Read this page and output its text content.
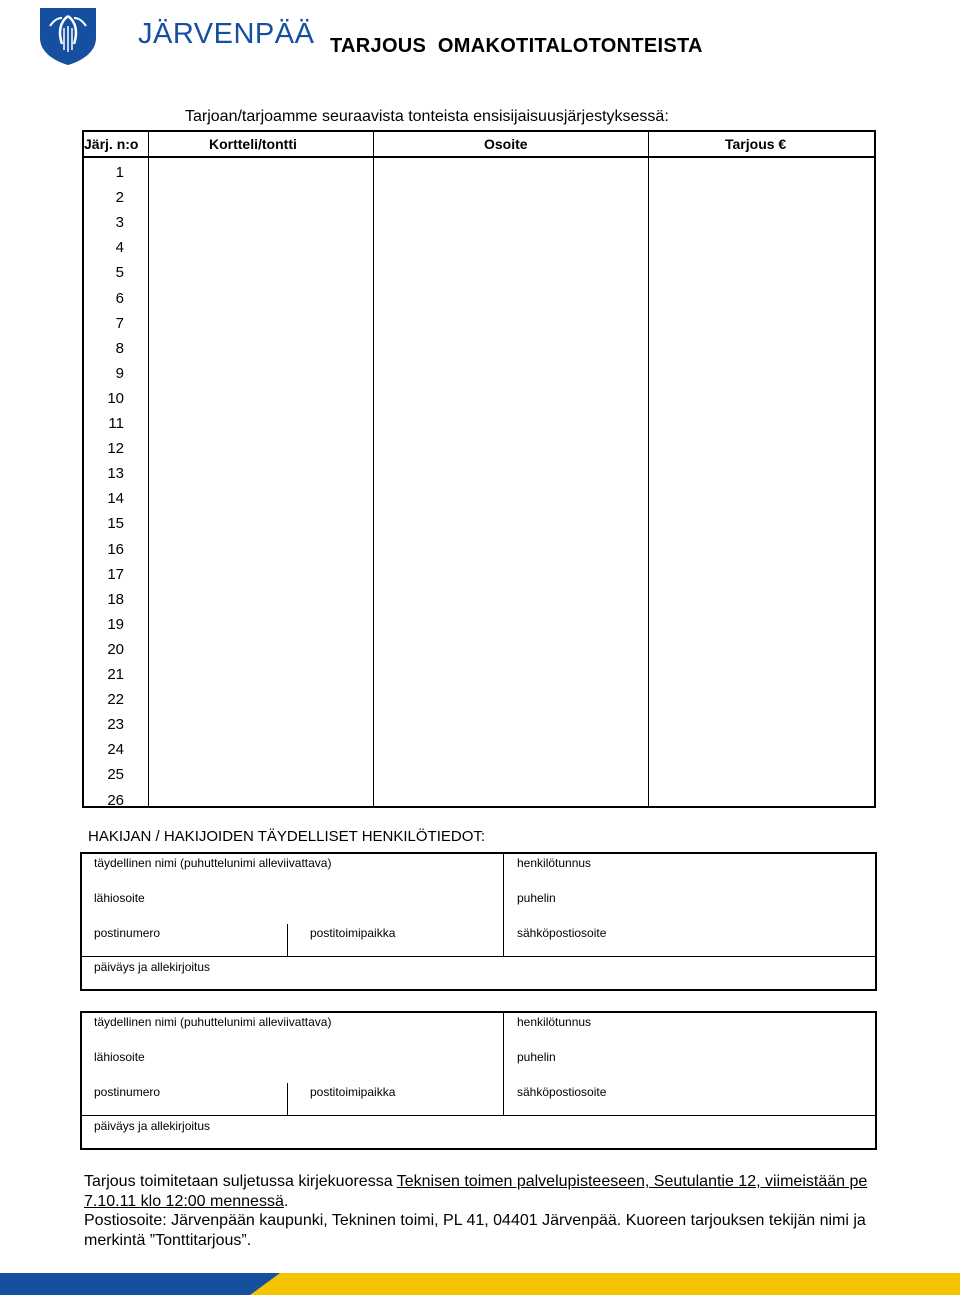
JÄRVENPÄÄ TARJOUS  OMAKOTITALOTONTEISTA
Tarjoan/tarjoamme seuraavista tonteista ensisijaisuusjärjestyksessä:
Järj. n:o	Kortteli/tontti	Osoite	Tarjous €
1
2
3
4
5
6
7
8
9
10
11
12
13
14
15
16
17
18
19
20
21
22
23
24
25
26
HAKIJAN / HAKIJOIDEN TÄYDELLISET HENKILÖTIEDOT:
täydellinen nimi (puhuttelunimi alleviivattava)	henkilötunnus
lähiosoite	puhelin
postinumero	postitoimipaikka	sähköpostiosoite
päiväys ja allekirjoitus
täydellinen nimi (puhuttelunimi alleviivattava)	henkilötunnus
lähiosoite	puhelin
postinumero	postitoimipaikka	sähköpostiosoite
päiväys ja allekirjoitus
Tarjous toimitetaan suljetussa kirjekuoressa Teknisen toimen palvelupisteeseen, Seutulantie 12, viimeistään pe 7.10.11 klo 12:00 mennessä.
Postiosoite: Järvenpään kaupunki, Tekninen toimi, PL 41, 04401 Järvenpää. Kuoreen tarjouksen tekijän nimi ja merkintä ”Tonttitarjous”.
